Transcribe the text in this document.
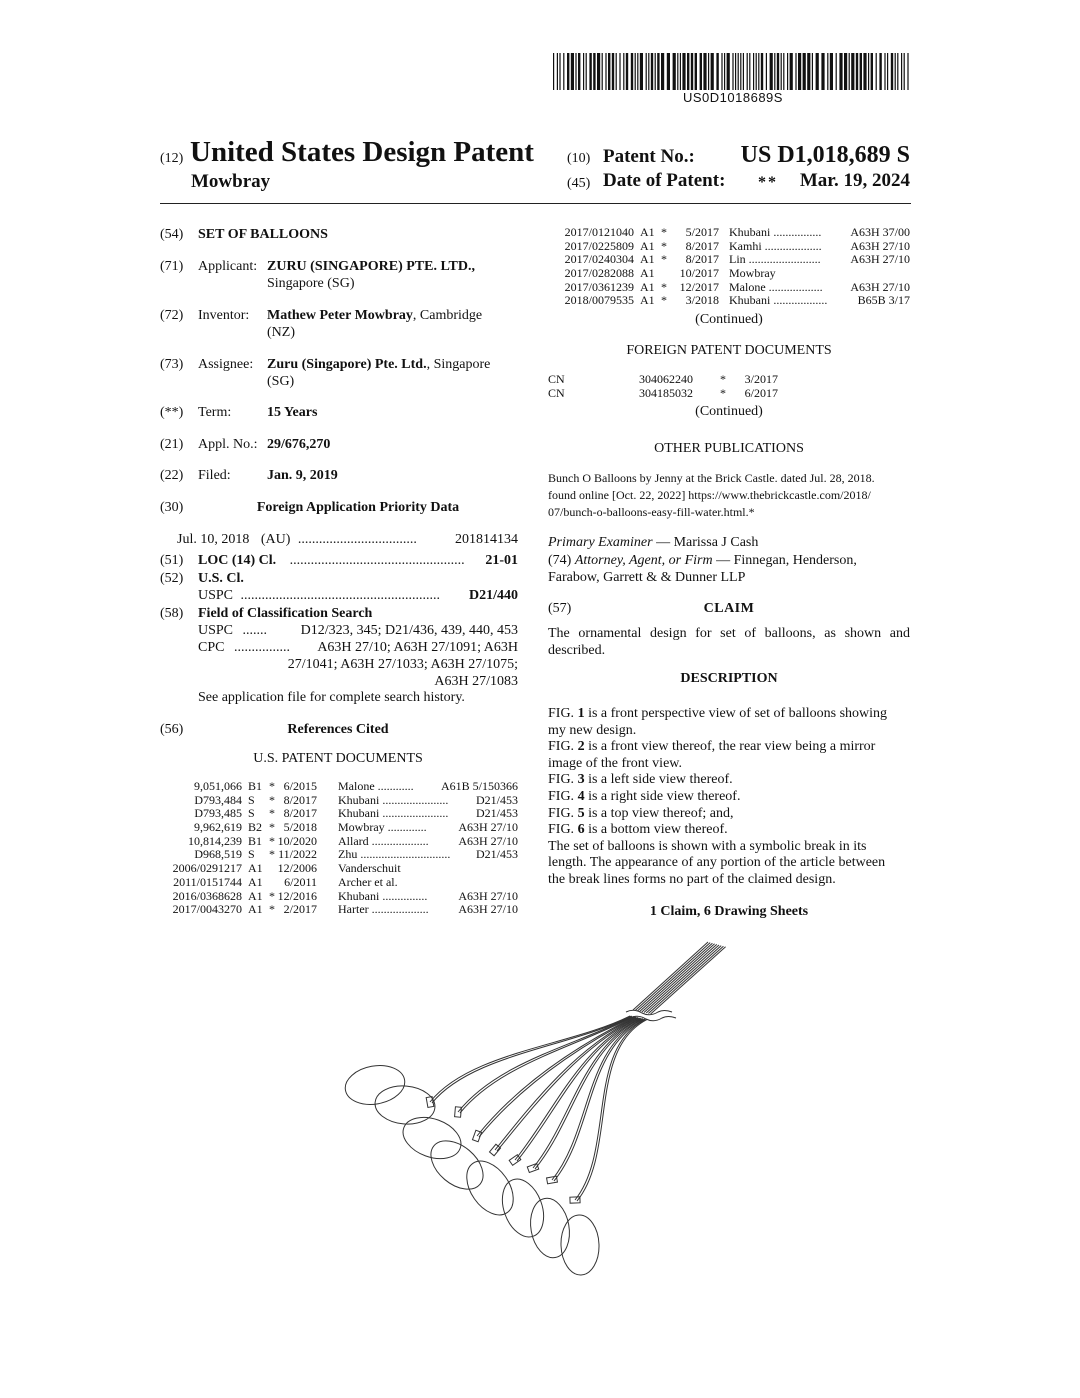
US0D1018689S
(12) United States Design Patent
Mowbray
(10) Patent No.: US D1,018,689 S
(45) Date of Patent: ** Mar. 19, 2024
(54) SET OF BALLOONS
(71) Applicant: ZURU (SINGAPORE) PTE. LTD.,
Singapore (SG)
(72) Inventor: Mathew Peter Mowbray, Cambridge
(NZ)
(73) Assignee: Zuru (Singapore) Pte. Ltd., Singapore
(SG)
(**) Term:	15 Years
(21) Appl. No.: 29/676,270
(22) Filed:	Jan. 9, 2019
(30)	Foreign Application Priority Data
Jul. 10, 2018 (AU) ..................................	201814134
(51) LOC (14) Cl. .................................................. 21-01
(52) U.S. Cl.
USPC ......................................................... D21/440
(58) Field of Classification Search
USPC ....... D12/323, 345; D21/436, 439, 440, 453
CPC ................ A63H 27/10; A63H 27/1091; A63H
27/1041; A63H 27/1033; A63H 27/1075;
A63H 27/1083
See application file for complete search history.
(56)	References Cited
U.S. PATENT DOCUMENTS
9,051,066 B1 * 6/2015 Malone ............ A61B 5/150366
D793,484 S * 8/2017 Khubani ...................... D21/453
D793,485 S * 8/2017 Khubani ...................... D21/453
9,962,619 B2 * 5/2018 Mowbray .............	A63H 27/10
10,814,239 B1 * 10/2020 Allard ................... A63H 27/10
D968,519 S * 11/2022 Zhu .............................. D21/453
2006/0291217 A1 12/2006 Vanderschuit
2011/0151744 A1 6/2011 Archer et al.
2016/0368628 A1 * 12/2016 Khubani ...............	A63H 27/10
2017/0043270 A1 * 2/2017 Harter ................... A63H 27/10
2017/0121040 A1 * 5/2017 Khubani ................ A63H 37/00
2017/0225809 A1 * 8/2017 Kamhi ................... A63H 27/10
2017/0240304 A1 * 8/2017 Lin ........................ A63H 27/10
2017/0282088 A1 10/2017 Mowbray
2017/0361239 A1 * 12/2017 Malone .................. A63H 27/10
2018/0079535 A1 * 3/2018 Khubani ..................	B65B 3/17
(Continued)
FOREIGN PATENT DOCUMENTS
CN	304062240 * 3/2017
CN	304185032 * 6/2017
(Continued)
OTHER PUBLICATIONS
Bunch O Balloons by Jenny at the Brick Castle. dated Jul. 28, 2018.
found online [Oct. 22, 2022] https://www.thebrickcastle.com/2018/
07/bunch-o-balloons-easy-fill-water.html.*
Primary Examiner — Marissa J Cash
(74) Attorney, Agent, or Firm — Finnegan, Henderson,
Farabow, Garrett & & Dunner LLP
(57)	CLAIM
The ornamental design for set of balloons, as shown and
described.
DESCRIPTION
FIG. 1 is a front perspective view of set of balloons showing
my new design.
FIG. 2 is a front view thereof, the rear view being a mirror
image of the front view.
FIG. 3 is a left side view thereof.
FIG. 4 is a right side view thereof.
FIG. 5 is a top view thereof; and,
FIG. 6 is a bottom view thereof.
The set of balloons is shown with a symbolic break in its
length. The appearance of any portion of the article between
the break lines forms no part of the claimed design.
1 Claim, 6 Drawing Sheets
